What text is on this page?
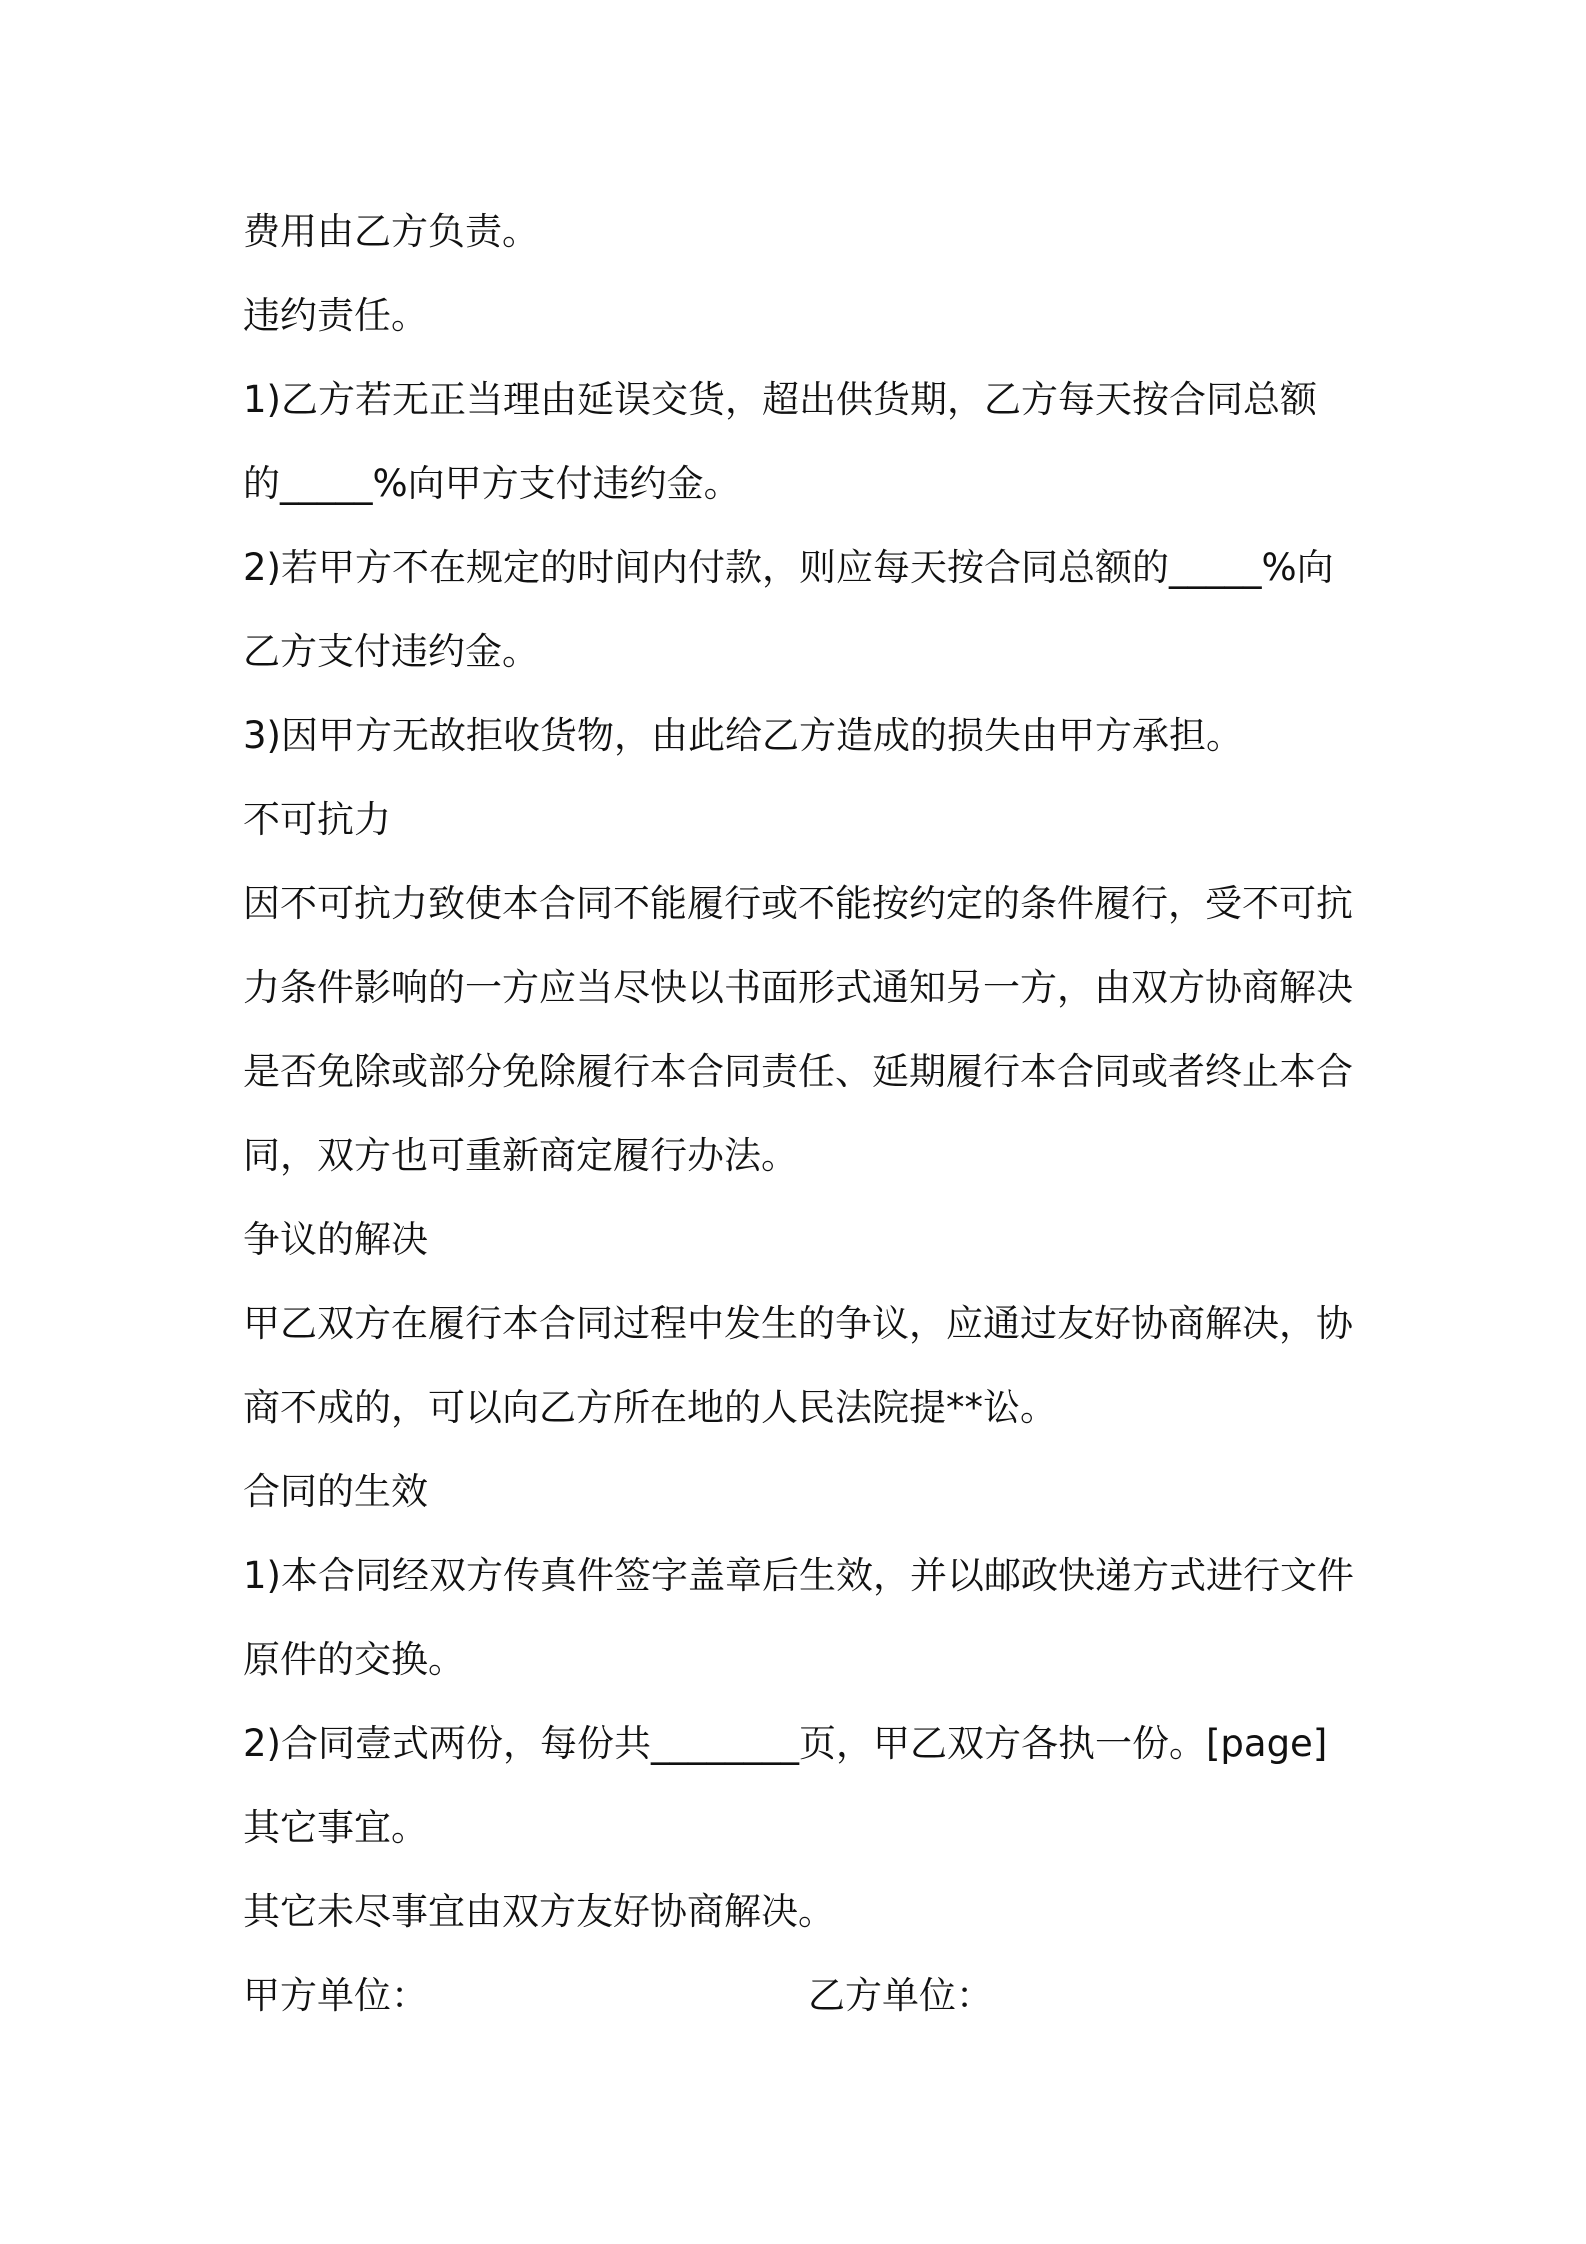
费用由乙方负责。
违约责任。
1)乙方若无正当理由延误交货，超出供货期，乙方每天按合同总额
的_____%向甲方支付违约金。
2)若甲方不在规定的时间内付款，则应每天按合同总额的_____%向
乙方支付违约金。
3)因甲方无故拒收货物，由此给乙方造成的损失由甲方承担。
不可抗力
因不可抗力致使本合同不能履行或不能按约定的条件履行，受不可抗
力条件影响的一方应当尽快以书面形式通知另一方，由双方协商解决
是否免除或部分免除履行本合同责任、延期履行本合同或者终止本合
同，双方也可重新商定履行办法。
争议的解决
甲乙双方在履行本合同过程中发生的争议，应通过友好协商解决，协
商不成的，可以向乙方所在地的人民法院提**讼。
合同的生效
1)本合同经双方传真件签字盖章后生效，并以邮政快递方式进行文件
原件的交换。
2)合同壹式两份，每份共________页，甲乙双方各执一份。[page]
其它事宜。
其它未尽事宜由双方友好协商解决。
甲方单位：	乙方单位：
